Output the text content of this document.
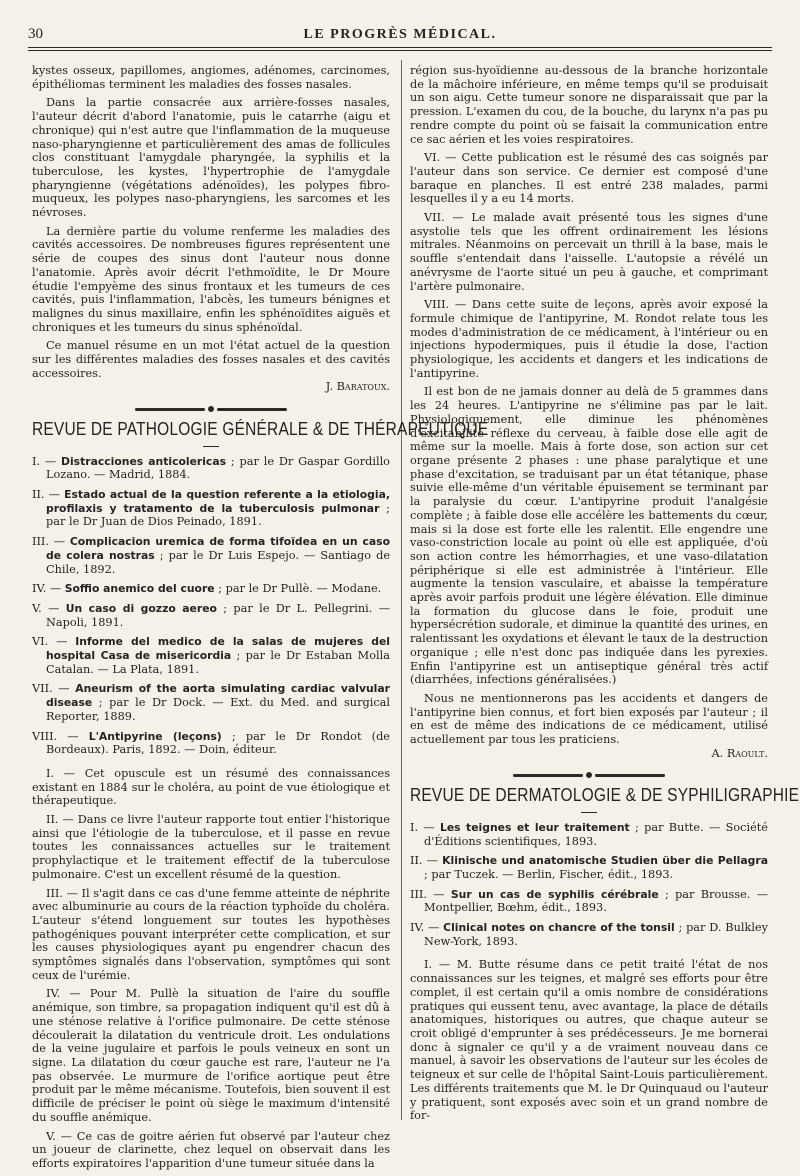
30	LE PROGRÈS MÉDICAL.

kystes osseux, papillomes, angiomes, adénomes, carcinomes, épithéliomas terminent les maladies des fosses nasales.

Dans la partie consacrée aux arrière-fosses nasales, l'auteur décrit d'abord l'anatomie, puis le catarrhe (aigu et chronique) qui n'est autre que l'inflammation de la muqueuse naso-pharyngienne et particulièrement des amas de follicules clos constituant l'amygdale pharyngée, la syphilis et la tuberculose, les kystes, l'hypertrophie de l'amygdale pharyngienne (végétations adénoïdes), les polypes fibro-muqueux, les polypes naso-pharyngiens, les sarcomes et les névroses.

La dernière partie du volume renferme les maladies des cavités accessoires. De nombreuses figures représentent une série de coupes des sinus dont l'auteur nous donne l'anatomie. Après avoir décrit l'ethmoïdite, le Dr Moure étudie l'empyème des sinus frontaux et les tumeurs de ces cavités, puis l'inflammation, l'abcès, les tumeurs bénignes et malignes du sinus maxillaire, enfin les sphénoïdites aiguës et chroniques et les tumeurs du sinus sphénoïdal.

Ce manuel résume en un mot l'état actuel de la question sur les différentes maladies des fosses nasales et des cavités accessoires.

J. Baratoux.

REVUE DE PATHOLOGIE GÉNÉRALE & DE THÉRAPEUTIQUE
I. — Distracciones anticolericas ; par le Dr Gaspar Gordillo Lozano. — Madrid, 1884.
II. — Estado actual de la question referente a la etiologia, profilaxis y tratamento de la tuberculosis pulmonar ; par le Dr Juan de Dios Peinado, 1891.
III. — Complicacion uremica de forma tifoïdea en un caso de colera nostras ; par le Dr Luis Espejo. — Santiago de Chile, 1892.
IV. — Soffio anemico del cuore ; par le Dr Pullè. — Modane.
V. — Un caso di gozzo aereo ; par le Dr L. Pellegrini. — Napoli, 1891.
VI. — Informe del medico de la salas de mujeres del hospital Casa de misericordia ; par le Dr Estaban Molla Catalan. — La Plata, 1891.
VII. — Aneurism of the aorta simulating cardiac valvular disease ; par le Dr Dock. — Ext. du Med. and surgical Reporter, 1889.
VIII. — L'Antipyrine (leçons) ; par le Dr Rondot (de Bordeaux). Paris, 1892. — Doin, éditeur.

I. — Cet opuscule est un résumé des connaissances existant en 1884 sur le choléra, au point de vue étiologique et thérapeutique.

II. — Dans ce livre l'auteur rapporte tout entier l'historique ainsi que l'étiologie de la tuberculose, et il passe en revue toutes les connaissances actuelles sur le traitement prophylactique et le traitement effectif de la tuberculose pulmonaire. C'est un excellent résumé de la question.

III. — Il s'agit dans ce cas d'une femme atteinte de néphrite avec albuminurie au cours de la réaction typhoïde du choléra. L'auteur s'étend longuement sur toutes les hypothèses pathogéniques pouvant interpréter cette complication, et sur les causes physiologiques ayant pu engendrer chacun des symptômes signalés dans l'observation, symptômes qui sont ceux de l'urémie.

IV. — Pour M. Pullè la situation de l'aire du souffle anémique, son timbre, sa propagation indiquent qu'il est dû à une sténose relative à l'orifice pulmonaire. De cette sténose découlerait la dilatation du ventricule droit. Les ondulations de la veine jugulaire et parfois le pouls veineux en sont un signe. La dilatation du cœur gauche est rare, l'auteur ne l'a pas observée. Le murmure de l'orifice aortique peut être produit par le même mécanisme. Toutefois, bien souvent il est difficile de préciser le point où siège le maximum d'intensité du souffle anémique.

V. — Ce cas de goitre aérien fut observé par l'auteur chez un joueur de clarinette, chez lequel on observait dans les efforts expiratoires l'apparition d'une tumeur située dans la

région sus-hyoïdienne au-dessous de la branche horizontale de la mâchoire inférieure, en même temps qu'il se produisait un son aigu. Cette tumeur sonore ne disparaissait que par la pression. L'examen du cou, de la bouche, du larynx n'a pas pu rendre compte du point où se faisait la communication entre ce sac aérien et les voies respiratoires.

VI. — Cette publication est le résumé des cas soignés par l'auteur dans son service. Ce dernier est composé d'une baraque en planches. Il est entré 238 malades, parmi lesquelles il y a eu 14 morts.

VII. — Le malade avait présenté tous les signes d'une asystolie tels que les offrent ordinairement les lésions mitrales. Néanmoins on percevait un thrill à la base, mais le souffle s'entendait dans l'aisselle. L'autopsie a révélé un anévrysme de l'aorte situé un peu à gauche, et comprimant l'artère pulmonaire.

VIII. — Dans cette suite de leçons, après avoir exposé la formule chimique de l'antipyrine, M. Rondot relate tous les modes d'administration de ce médicament, à l'intérieur ou en injections hypodermiques, puis il étudie la dose, l'action physiologique, les accidents et dangers et les indications de l'antipyrine.

Il est bon de ne jamais donner au delà de 5 grammes dans les 24 heures. L'antipyrine ne s'élimine pas par le lait. Physiologiquement, elle diminue les phénomènes d'excitabilité réflexe du cerveau, à faible dose elle agit de même sur la moelle. Mais à forte dose, son action sur cet organe présente 2 phases : une phase paralytique et une phase d'excitation, se traduisant par un état tétanique, phase suivie elle-même d'un véritable épuisement se terminant par la paralysie du cœur. L'antipyrine produit l'analgésie complète ; à faible dose elle accélère les battements du cœur, mais si la dose est forte elle les ralentit. Elle engendre une vaso-constriction locale au point où elle est appliquée, d'où son action contre les hémorrhagies, et une vaso-dilatation périphérique si elle est administrée à l'intérieur. Elle augmente la tension vasculaire, et abaisse la température après avoir parfois produit une légère élévation. Elle diminue la formation du glucose dans le foie, produit une hypersécrétion sudorale, et diminue la quantité des urines, en ralentissant les oxydations et élevant le taux de la destruction organique ; elle n'est donc pas indiquée dans les pyrexies. Enfin l'antipyrine est un antiseptique général très actif (diarrhées, infections généralisées.)

Nous ne mentionnerons pas les accidents et dangers de l'antipyrine bien connus, et fort bien exposés par l'auteur ; il en est de même des indications de ce médicament, utilisé actuellement par tous les praticiens.

A. Raoult.

REVUE DE DERMATOLOGIE & DE SYPHILIGRAPHIE
I. — Les teignes et leur traitement ; par Butte. — Société d'Éditions scientifiques, 1893.
II. — Klinische und anatomische Studien über die Pellagra ; par Tuczek. — Berlin, Fischer, édit., 1893.
III. — Sur un cas de syphilis cérébrale ; par Brousse. — Montpellier, Bœhm, édit., 1893.
IV. — Clinical notes on chancre of the tonsil ; par D. Bulkley New-York, 1893.

I. — M. Butte résume dans ce petit traité l'état de nos connaissances sur les teignes, et malgré ses efforts pour être complet, il est certain qu'il a omis nombre de considérations pratiques qui eussent tenu, avec avantage, la place de détails anatomiques, historiques ou autres, que chaque auteur se croit obligé d'emprunter à ses prédécesseurs. Je me bornerai donc à signaler ce qu'il y a de vraiment nouveau dans ce manuel, à savoir les observations de l'auteur sur les écoles de teigneux et sur celle de l'hôpital Saint-Louis particulièrement. Les différents traitements que M. le Dr Quinquaud ou l'auteur y pratiquent, sont exposés avec soin et un grand nombre de for-
